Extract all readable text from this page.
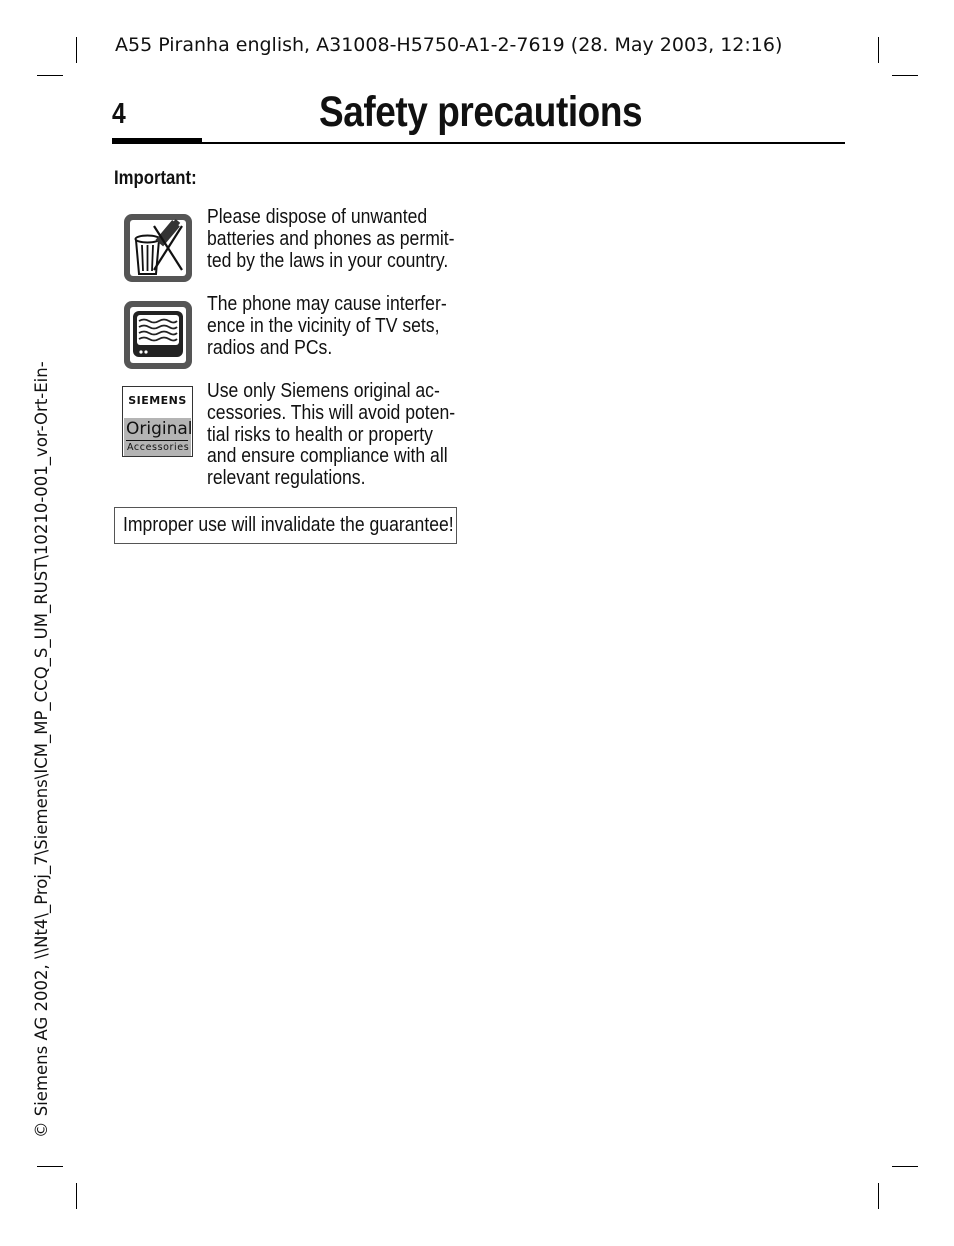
A55 Piranha english, A31008-H5750-A1-2-7619 (28. May 2003, 12:16)
4	Safety precautions
Important:
Please dispose of unwanted
batteries and phones as permit-
ted by the laws in your country.
The phone may cause interfer-
ence in the vicinity of TV sets,
radios and PCs.
SIEMENS
Original
Accessories
Use only Siemens original ac-
cessories. This will avoid poten-
tial risks to health or property
and ensure compliance with all
relevant regulations.
Improper use will invalidate the guarantee!
© Siemens AG 2002, \\Nt4\_Proj_7\Siemens\ICM_MP_CCQ_S_UM_RUST\10210-001_vor-Ort-Ein-
